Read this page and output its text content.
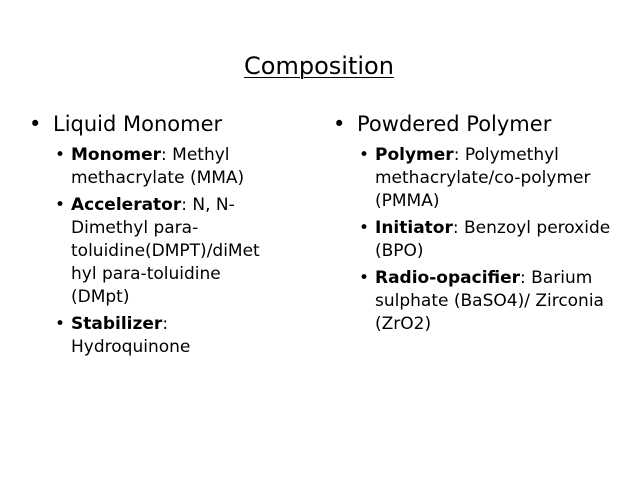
Composition
• Liquid Monomer
• Monomer: Methyl
methacrylate (MMA)
• Accelerator: N, N-
Dimethyl para-
toluidine(DMPT)/diMet
hyl para-toluidine
(DMpt)
• Stabilizer:
Hydroquinone
• Powdered Polymer
• Polymer: Polymethyl
methacrylate/co-polymer
(PMMA)
• Initiator: Benzoyl peroxide
(BPO)
• Radio-opacifier: Barium
sulphate (BaSO4)/ Zirconia
(ZrO2)
